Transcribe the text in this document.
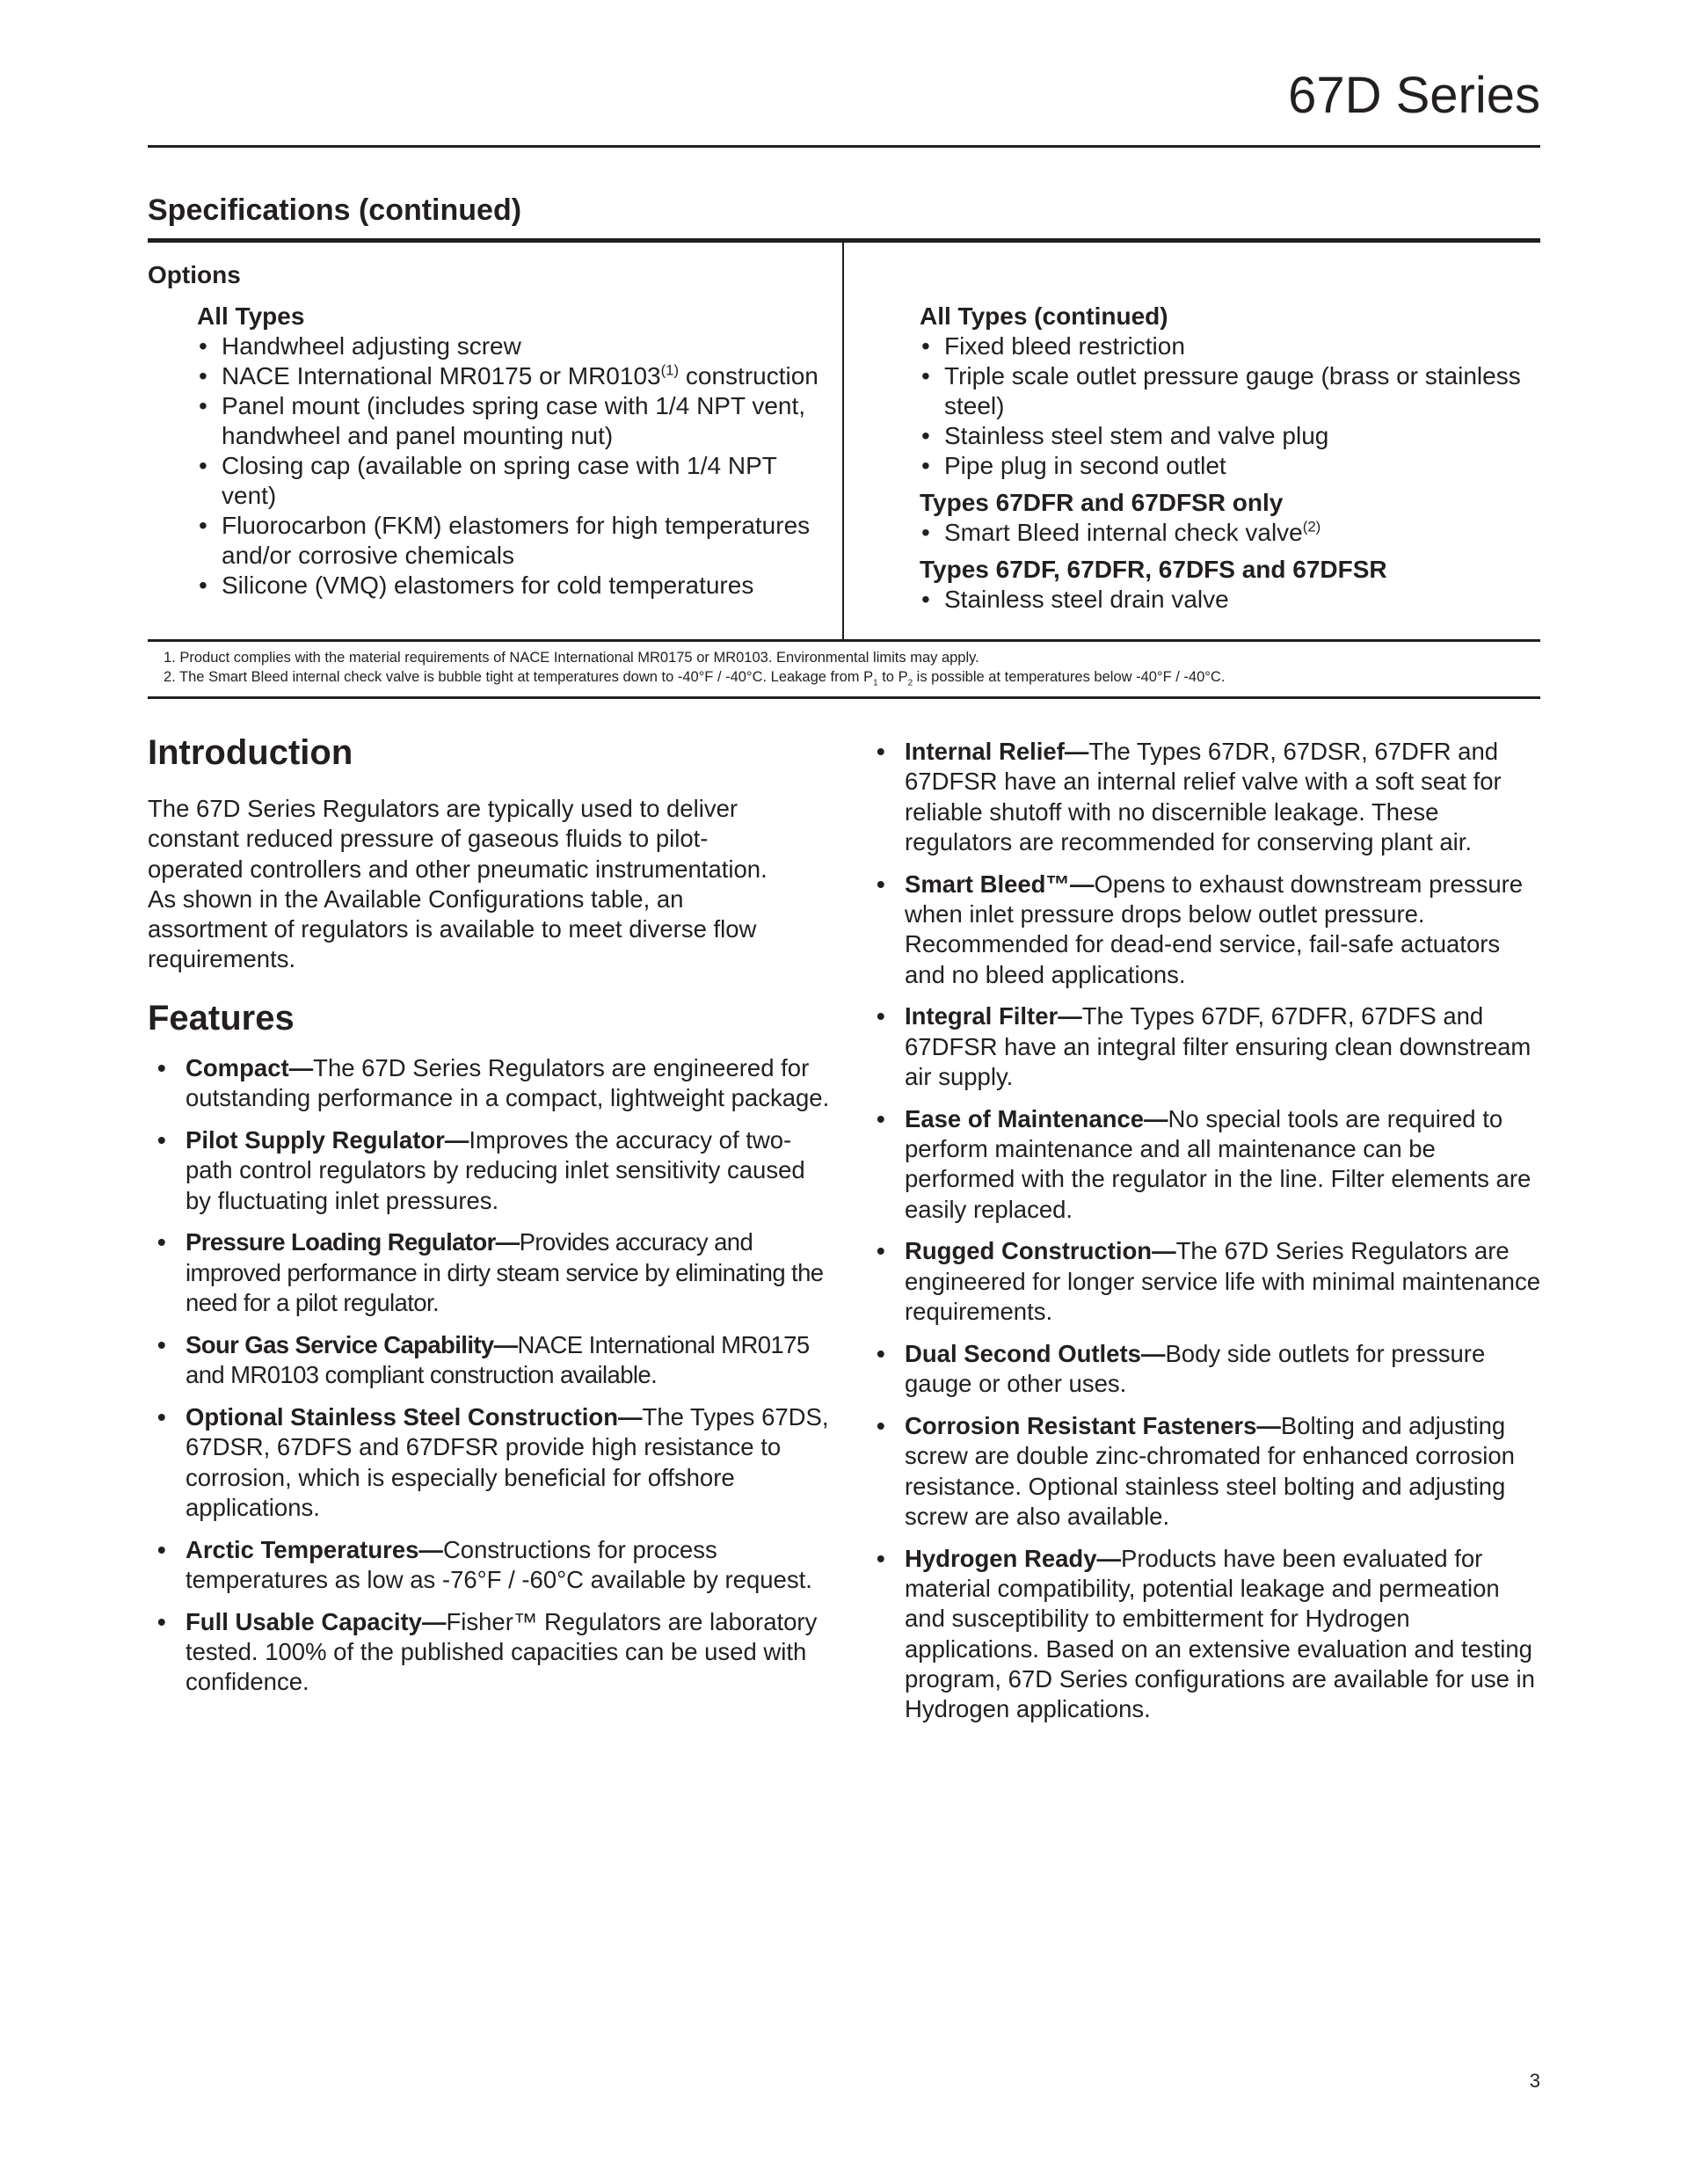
67D Series
Specifications (continued)
Options
All Types
• Handwheel adjusting screw
• NACE International MR0175 or MR0103$^{(1)}$ construction
• Panel mount (includes spring case with 1/4 NPT vent, handwheel and panel mounting nut)
• Closing cap (available on spring case with 1/4 NPT vent)
• Fluorocarbon (FKM) elastomers for high temperatures and/or corrosive chemicals
• Silicone (VMQ) elastomers for cold temperatures
All Types (continued)
• Fixed bleed restriction
• Triple scale outlet pressure gauge (brass or stainless steel)
• Stainless steel stem and valve plug
• Pipe plug in second outlet
Types 67DFR and 67DFSR only
• Smart Bleed internal check valve$^{(2)}$
Types 67DF, 67DFR, 67DFS and 67DFSR
• Stainless steel drain valve
1. Product complies with the material requirements of NACE International MR0175 or MR0103. Environmental limits may apply.
2. The Smart Bleed internal check valve is bubble tight at temperatures down to -40°F / -40°C. Leakage from $P_1$ to $P_2$ is possible at temperatures below -40°F / -40°C.
Introduction
The 67D Series Regulators are typically used to deliver constant reduced pressure of gaseous fluids to pilot-operated controllers and other pneumatic instrumentation. As shown in the Available Configurations table, an assortment of regulators is available to meet diverse flow requirements.
Features
• Compact—The 67D Series Regulators are engineered for outstanding performance in a compact, lightweight package.
• Pilot Supply Regulator—Improves the accuracy of two-path control regulators by reducing inlet sensitivity caused by fluctuating inlet pressures.
• Pressure Loading Regulator—Provides accuracy and improved performance in dirty steam service by eliminating the need for a pilot regulator.
• Sour Gas Service Capability—NACE International MR0175 and MR0103 compliant construction available.
• Optional Stainless Steel Construction—The Types 67DS, 67DSR, 67DFS and 67DFSR provide high resistance to corrosion, which is especially beneficial for offshore applications.
• Arctic Temperatures—Constructions for process temperatures as low as -76°F / -60°C available by request.
• Full Usable Capacity—Fisher™ Regulators are laboratory tested. 100% of the published capacities can be used with confidence.
• Internal Relief—The Types 67DR, 67DSR, 67DFR and 67DFSR have an internal relief valve with a soft seat for reliable shutoff with no discernible leakage. These regulators are recommended for conserving plant air.
• Smart Bleed™—Opens to exhaust downstream pressure when inlet pressure drops below outlet pressure. Recommended for dead-end service, fail-safe actuators and no bleed applications.
• Integral Filter—The Types 67DF, 67DFR, 67DFS and 67DFSR have an integral filter ensuring clean downstream air supply.
• Ease of Maintenance—No special tools are required to perform maintenance and all maintenance can be performed with the regulator in the line. Filter elements are easily replaced.
• Rugged Construction—The 67D Series Regulators are engineered for longer service life with minimal maintenance requirements.
• Dual Second Outlets—Body side outlets for pressure gauge or other uses.
• Corrosion Resistant Fasteners—Bolting and adjusting screw are double zinc-chromated for enhanced corrosion resistance. Optional stainless steel bolting and adjusting screw are also available.
• Hydrogen Ready—Products have been evaluated for material compatibility, potential leakage and permeation and susceptibility to embitterment for Hydrogen applications. Based on an extensive evaluation and testing program, 67D Series configurations are available for use in Hydrogen applications.
3
